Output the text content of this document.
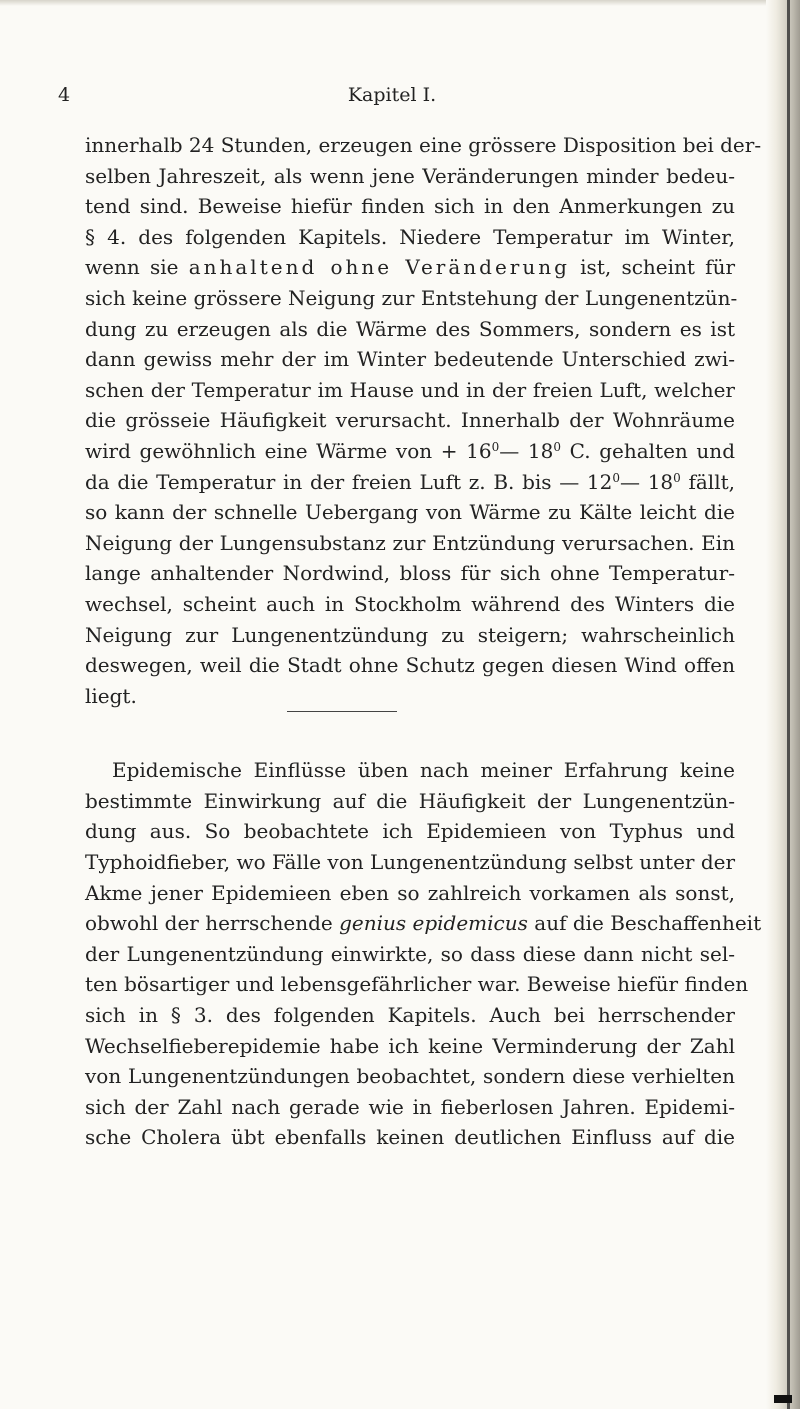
4	Kapitel I.
innerhalb 24 Stunden, erzeugen eine grössere Disposition bei der-
selben Jahreszeit, als wenn jene Veränderungen minder bedeu-
tend sind. Beweise hiefür finden sich in den Anmerkungen zu
§ 4. des folgenden Kapitels. Niedere Temperatur im Winter,
wenn sie anhaltend ohne Veränderung ist, scheint für
sich keine grössere Neigung zur Entstehung der Lungenentzün-
dung zu erzeugen als die Wärme des Sommers, sondern es ist
dann gewiss mehr der im Winter bedeutende Unterschied zwi-
schen der Temperatur im Hause und in der freien Luft, welcher
die grösseie Häufigkeit verursacht. Innerhalb der Wohnräume
wird gewöhnlich eine Wärme von + $16^0—$ $18^0$ C. gehalten und
da die Temperatur in der freien Luft z. B. bis — $12^0—$ $18^0$ fällt,
so kann der schnelle Uebergang von Wärme zu Kälte leicht die
Neigung der Lungensubstanz zur Entzündung verursachen. Ein
lange anhaltender Nordwind, bloss für sich ohne Temperatur-
wechsel, scheint auch in Stockholm während des Winters die
Neigung zur Lungenentzündung zu steigern; wahrscheinlich
deswegen, weil die Stadt ohne Schutz gegen diesen Wind offen
liegt.
Epidemische Einflüsse üben nach meiner Erfahrung keine
bestimmte Einwirkung auf die Häufigkeit der Lungenentzün-
dung aus. So beobachtete ich Epidemieen von Typhus und
Typhoidfieber, wo Fälle von Lungenentzündung selbst unter der
Akme jener Epidemieen eben so zahlreich vorkamen als sonst,
obwohl der herrschende genius epidemicus auf die Beschaffenheit
der Lungenentzündung einwirkte, so dass diese dann nicht sel-
ten bösartiger und lebensgefährlicher war. Beweise hiefür finden
sich in § 3. des folgenden Kapitels. Auch bei herrschender
Wechselfieberepidemie habe ich keine Verminderung der Zahl
von Lungenentzündungen beobachtet, sondern diese verhielten
sich der Zahl nach gerade wie in fieberlosen Jahren. Epidemi-
sche Cholera übt ebenfalls keinen deutlichen Einfluss auf die
